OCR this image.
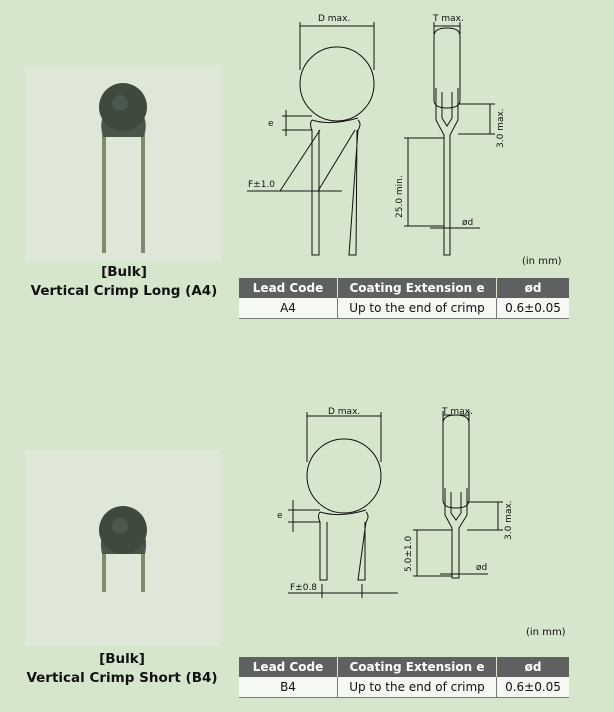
[Bulk]
Vertical Crimp Long (A4)
D max.	T max.
e
F±1.0	25.0 min.
3.0 max.
ød
(in mm)
Lead Code	Coating Extension e	ød
A4	Up to the end of crimp	0.6±0.05
[Bulk]
Vertical Crimp Short (B4)
D max.	T max.
e
F±0.8
5.0±1.0
3.0 max.
ød
(in mm)
Lead Code	Coating Extension e	ød
B4	Up to the end of crimp	0.6±0.05
